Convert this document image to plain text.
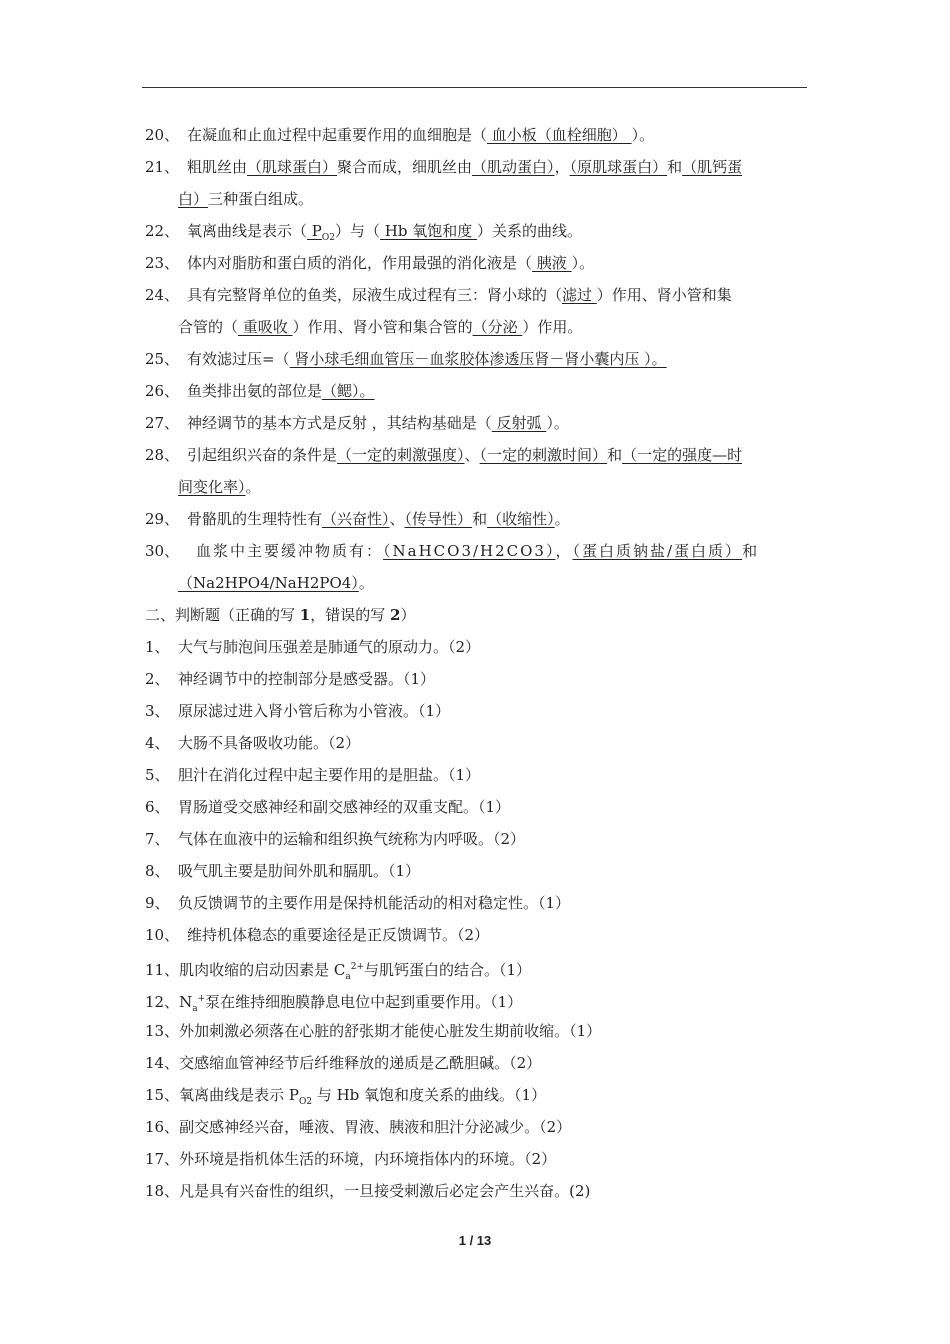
20、 在凝血和止血过程中起重要作用的血细胞是（ 血小板（血栓细胞） ）。
21、 粗肌丝由（肌球蛋白）聚合而成，细肌丝由（肌动蛋白），（原肌球蛋白）和（肌钙蛋
白）三种蛋白组成。
22、 氧离曲线是表示（ $P_{O2}$）与（ Hb 氧饱和度 ）关系的曲线。
23、 体内对脂肪和蛋白质的消化，作用最强的消化液是（ 胰液 ）。
24、 具有完整肾单位的鱼类，尿液生成过程有三：肾小球的（滤过 ）作用、肾小管和集
合管的（ 重吸收 ）作用、肾小管和集合管的（分泌 ）作用。
25、 有效滤过压=（ 肾小球毛细血管压－血浆胶体渗透压肾－肾小囊内压 ）。
26、 鱼类排出氨的部位是（鳃）。
27、 神经调节的基本方式是反射 ，其结构基础是（ 反射弧 ）。
28、 引起组织兴奋的条件是（一定的刺激强度）、（一定的刺激时间）和（一定的强度—时
间变化率）。
29、 骨骼肌的生理特性有（兴奋性）、（传导性）和（收缩性）。
30、 血浆中主要缓冲物质有：（NaHCO3/H2CO3），（蛋白质钠盐/蛋白质）和
（Na2HPO4/NaH2PO4）。
二、判断题（正确的写 1，错误的写 2）
1、 大气与肺泡间压强差是肺通气的原动力。（2）
2、 神经调节中的控制部分是感受器。（1）
3、 原尿滤过进入肾小管后称为小管液。（1）
4、 大肠不具备吸收功能。（2）
5、 胆汁在消化过程中起主要作用的是胆盐。（1）
6、 胃肠道受交感神经和副交感神经的双重支配。（1）
7、 气体在血液中的运输和组织换气统称为内呼吸。（2）
8、 吸气肌主要是肋间外肌和膈肌。（1）
9、 负反馈调节的主要作用是保持机能活动的相对稳定性。（1）
10、 维持机体稳态的重要途径是正反馈调节。（2）
11、肌肉收缩的启动因素是 $C_a^{2+}$与肌钙蛋白的结合。（1）
12、$N_a^+$泵在维持细胞膜静息电位中起到重要作用。（1）
13、外加刺激必须落在心脏的舒张期才能使心脏发生期前收缩。（1）
14、交感缩血管神经节后纤维释放的递质是乙酰胆碱。（2）
15、氧离曲线是表示 $P_{O2}$ 与 Hb 氧饱和度关系的曲线。（1）
16、副交感神经兴奋，唾液、胃液、胰液和胆汁分泌减少。（2）
17、外环境是指机体生活的环境，内环境指体内的环境。（2）
18、凡是具有兴奋性的组织，一旦接受刺激后必定会产生兴奋。(2)
1 / 13
